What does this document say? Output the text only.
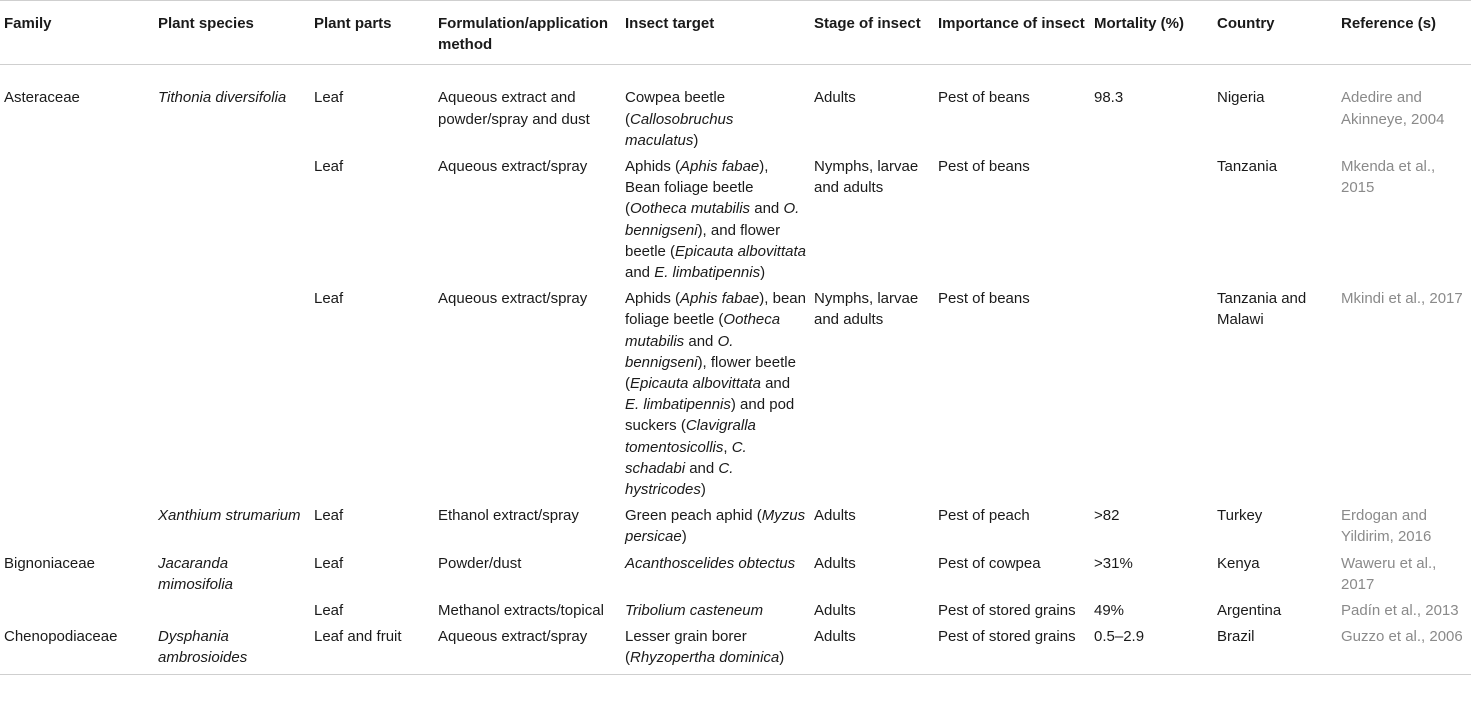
Family	Plant species	Plant parts	Formulation/application method	Insect target	Stage of insect	Importance of insect	Mortality (%)	Country	Reference (s)
Asteraceae	Tithonia diversifolia	Leaf	Aqueous extract and powder/spray and dust	Cowpea beetle (Callosobruchus maculatus)	Adults	Pest of beans	98.3	Nigeria	Adedire and Akinneye, 2004
		Leaf	Aqueous extract/spray	Aphids (Aphis fabae), Bean foliage beetle (Ootheca mutabilis and O. bennigseni), and flower beetle (Epicauta albovittata and E. limbatipennis)	Nymphs, larvae and adults	Pest of beans		Tanzania	Mkenda et al., 2015
		Leaf	Aqueous extract/spray	Aphids (Aphis fabae), bean foliage beetle (Ootheca mutabilis and O. bennigseni), flower beetle (Epicauta albovittata and E. limbatipennis) and pod suckers (Clavigralla tomentosicollis, C. schadabi and C. hystricodes)	Nymphs, larvae and adults	Pest of beans		Tanzania and Malawi	Mkindi et al., 2017
	Xanthium strumarium	Leaf	Ethanol extract/spray	Green peach aphid (Myzus persicae)	Adults	Pest of peach	>82	Turkey	Erdogan and Yildirim, 2016
Bignoniaceae	Jacaranda mimosifolia	Leaf	Powder/dust	Acanthoscelides obtectus	Adults	Pest of cowpea	>31%	Kenya	Waweru et al., 2017
		Leaf	Methanol extracts/topical	Tribolium casteneum	Adults	Pest of stored grains	49%	Argentina	Padín et al., 2013
Chenopodiaceae	Dysphania ambrosioides	Leaf and fruit	Aqueous extract/spray	Lesser grain borer (Rhyzopertha dominica)	Adults	Pest of stored grains	0.5–2.9	Brazil	Guzzo et al., 2006
